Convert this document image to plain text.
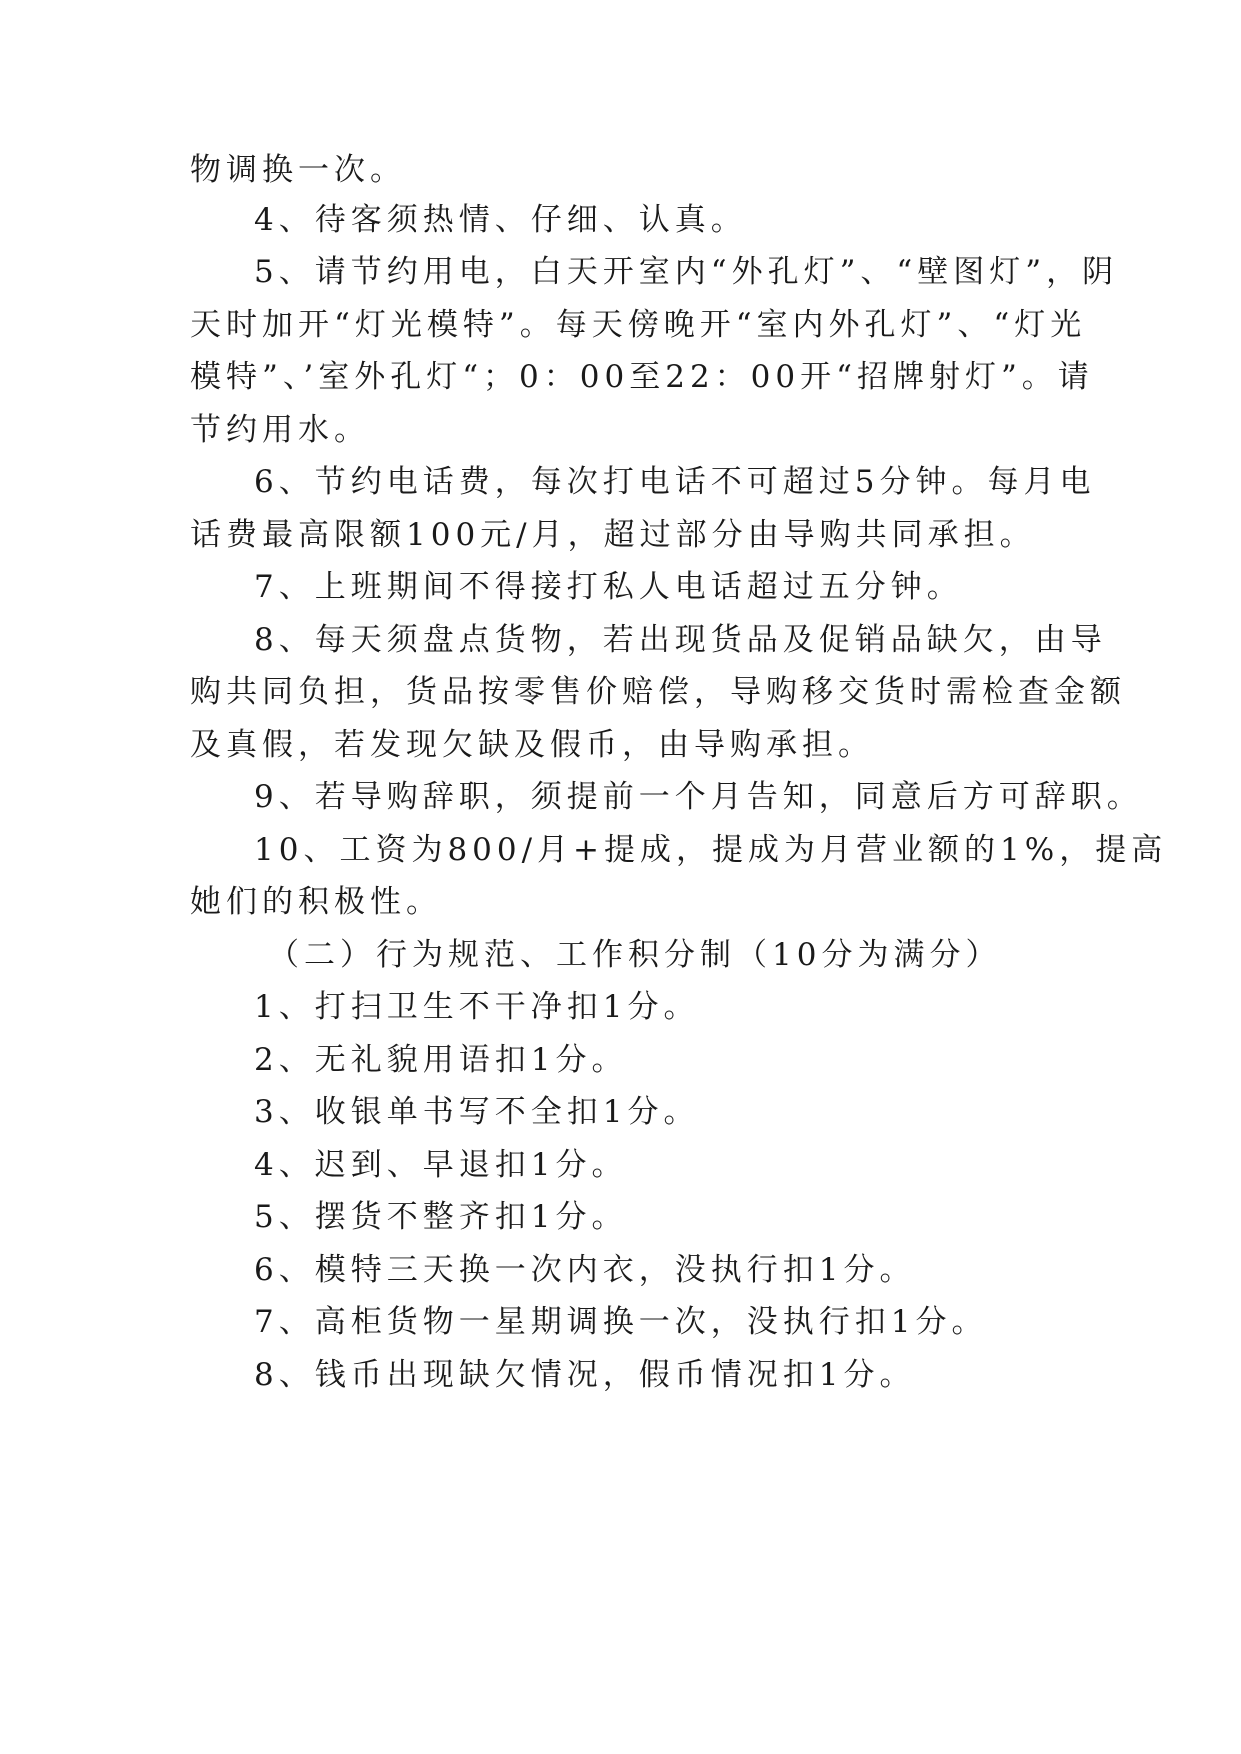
物调换一次。
4、待客须热情、仔细、认真。
5、请节约用电，白天开室内“外孔灯”、“壁图灯”，阴
天时加开“灯光模特”。每天傍晚开“室内外孔灯”、“灯光
模特”、’室外孔灯“；0：00至22：00开“招牌射灯”。请
节约用水。
6、节约电话费，每次打电话不可超过5分钟。每月电
话费最高限额100元/月，超过部分由导购共同承担。
7、上班期间不得接打私人电话超过五分钟。
8、每天须盘点货物，若出现货品及促销品缺欠，由导
购共同负担，货品按零售价赔偿，导购移交货时需检查金额
及真假，若发现欠缺及假币，由导购承担。
9、若导购辞职，须提前一个月告知，同意后方可辞职。
10、工资为800/月+提成，提成为月营业额的1%，提高
她们的积极性。
（二）行为规范、工作积分制（10分为满分）
1、打扫卫生不干净扣1分。
2、无礼貌用语扣1分。
3、收银单书写不全扣1分。
4、迟到、早退扣1分。
5、摆货不整齐扣1分。
6、模特三天换一次内衣，没执行扣1分。
7、高柜货物一星期调换一次，没执行扣1分。
8、钱币出现缺欠情况，假币情况扣1分。
